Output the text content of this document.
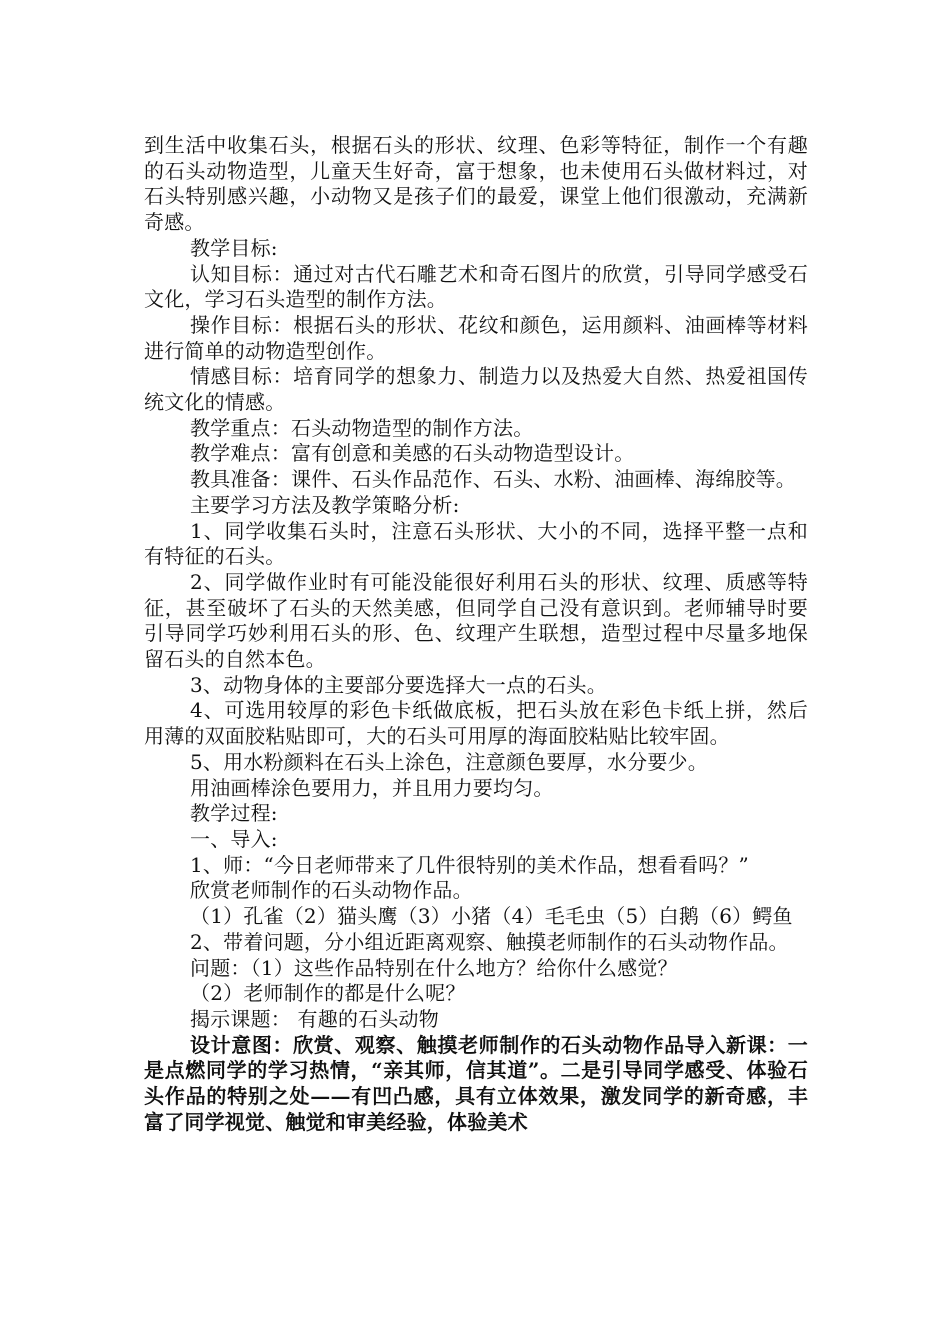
到生活中收集石头，根据石头的形状、纹理、色彩等特征，制作一个有趣的石头动物造型，儿童天生好奇，富于想象，也未使用石头做材料过，对石头特别感兴趣，小动物又是孩子们的最爱，课堂上他们很激动，充满新奇感。

教学目标:

认知目标：通过对古代石雕艺术和奇石图片的欣赏，引导同学感受石文化，学习石头造型的制作方法。

操作目标：根据石头的形状、花纹和颜色，运用颜料、油画棒等材料进行简单的动物造型创作。

情感目标：培育同学的想象力、制造力以及热爱大自然、热爱祖国传统文化的情感。

教学重点：石头动物造型的制作方法。

教学难点：富有创意和美感的石头动物造型设计。

教具准备：课件、石头作品范作、石头、水粉、油画棒、海绵胶等。

主要学习方法及教学策略分析:

1、同学收集石头时，注意石头形状、大小的不同，选择平整一点和有特征的石头。

2、同学做作业时有可能没能很好利用石头的形状、纹理、质感等特征，甚至破坏了石头的天然美感，但同学自己没有意识到。老师辅导时要引导同学巧妙利用石头的形、色、纹理产生联想，造型过程中尽量多地保留石头的自然本色。

3、动物身体的主要部分要选择大一点的石头。

4、可选用较厚的彩色卡纸做底板，把石头放在彩色卡纸上拼，然后用薄的双面胶粘贴即可，大的石头可用厚的海面胶粘贴比较牢固。

5、用水粉颜料在石头上涂色，注意颜色要厚，水分要少。

用油画棒涂色要用力，并且用力要均匀。

教学过程:

一、导入:

1、师：“今日老师带来了几件很特别的美术作品，想看看吗？”

欣赏老师制作的石头动物作品。

（1）孔雀（2）猫头鹰（3）小猪（4）毛毛虫（5）白鹅（6）鳄鱼

2、带着问题，分小组近距离观察、触摸老师制作的石头动物作品。

问题：（1）这些作品特别在什么地方？给你什么感觉？

（2）老师制作的都是什么呢？

揭示课题： 有趣的石头动物

设计意图：欣赏、观察、触摸老师制作的石头动物作品导入新课：一是点燃同学的学习热情，“亲其师，信其道”。二是引导同学感受、体验石头作品的特别之处——有凹凸感，具有立体效果，激发同学的新奇感，丰富了同学视觉、触觉和审美经验，体验美术
